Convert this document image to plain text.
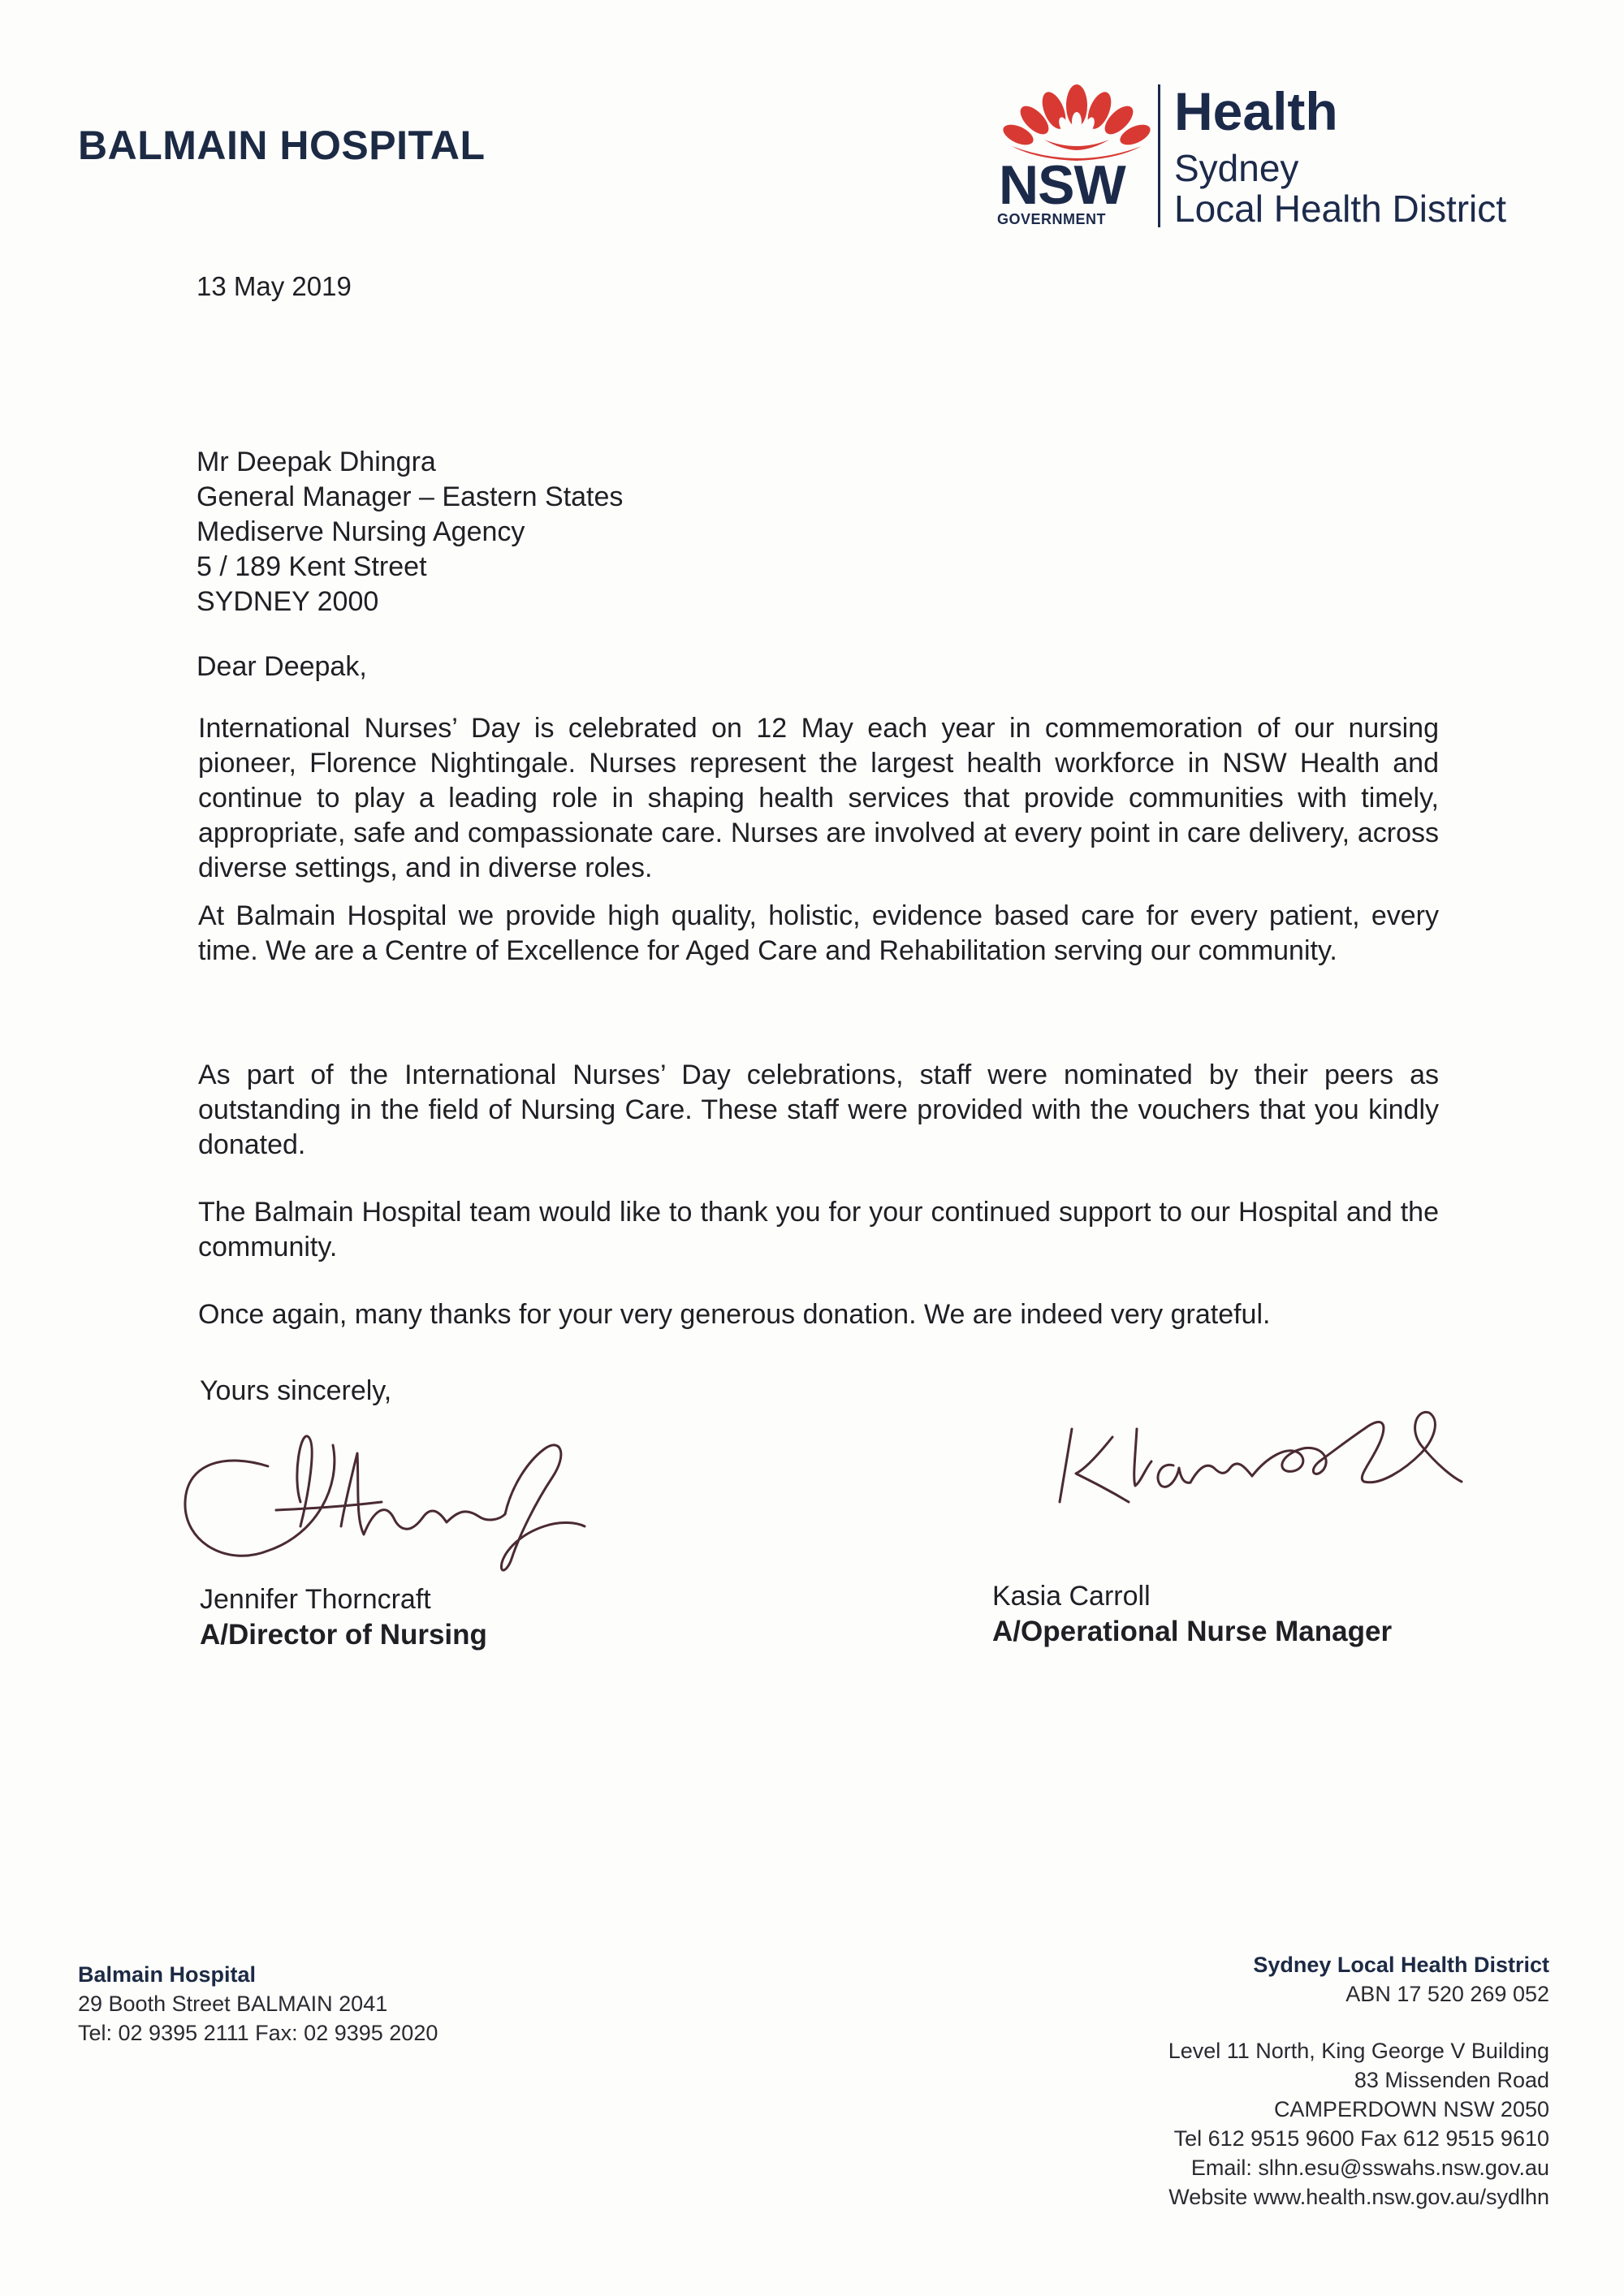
BALMAIN HOSPITAL
NSW
GOVERNMENT
Health
Sydney
Local Health District
13 May 2019
Mr Deepak Dhingra
General Manager – Eastern States
Mediserve Nursing Agency
5 / 189 Kent Street
SYDNEY 2000
Dear Deepak,
International Nurses’ Day is celebrated on 12 May each year in commemoration of our nursing pioneer, Florence Nightingale. Nurses represent the largest health workforce in NSW Health and continue to play a leading role in shaping health services that provide communities with timely, appropriate, safe and compassionate care. Nurses are involved at every point in care delivery, across diverse settings, and in diverse roles.
At Balmain Hospital we provide high quality, holistic, evidence based care for every patient, every time. We are a Centre of Excellence for Aged Care and Rehabilitation serving our community.
As part of the International Nurses’ Day celebrations, staff were nominated by their peers as outstanding in the field of Nursing Care. These staff were provided with the vouchers that you kindly donated.
The Balmain Hospital team would like to thank you for your continued support to our Hospital and the community.
Once again, many thanks for your very generous donation. We are indeed very grateful.
Yours sincerely,
Jennifer Thorncraft
A/Director of Nursing
Kasia Carroll
A/Operational Nurse Manager
Balmain Hospital
29 Booth Street BALMAIN 2041
Tel: 02 9395 2111 Fax: 02 9395 2020
Sydney Local Health District
ABN 17 520 269 052
Level 11 North, King George V Building
83 Missenden Road
CAMPERDOWN NSW 2050
Tel 612 9515 9600 Fax 612 9515 9610
Email: slhn.esu@sswahs.nsw.gov.au
Website www.health.nsw.gov.au/sydlhn
